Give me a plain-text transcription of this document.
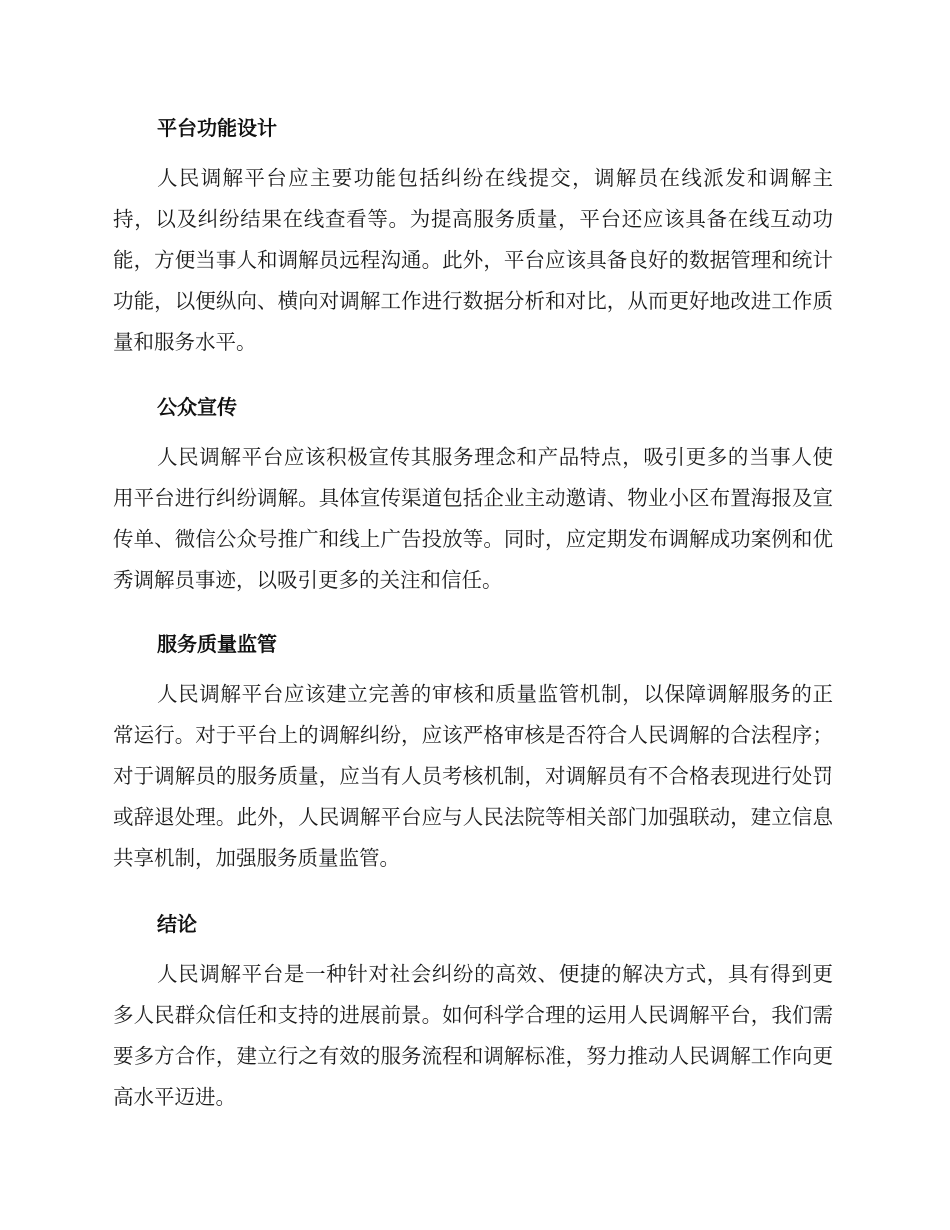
平台功能设计

人民调解平台应主要功能包括纠纷在线提交，调解员在线派发和调解主持，以及纠纷结果在线查看等。为提高服务质量，平台还应该具备在线互动功能，方便当事人和调解员远程沟通。此外，平台应该具备良好的数据管理和统计功能，以便纵向、横向对调解工作进行数据分析和对比，从而更好地改进工作质量和服务水平。

公众宣传

人民调解平台应该积极宣传其服务理念和产品特点，吸引更多的当事人使用平台进行纠纷调解。具体宣传渠道包括企业主动邀请、物业小区布置海报及宣传单、微信公众号推广和线上广告投放等。同时，应定期发布调解成功案例和优秀调解员事迹，以吸引更多的关注和信任。

服务质量监管

人民调解平台应该建立完善的审核和质量监管机制，以保障调解服务的正常运行。对于平台上的调解纠纷，应该严格审核是否符合人民调解的合法程序；对于调解员的服务质量，应当有人员考核机制，对调解员有不合格表现进行处罚或辞退处理。此外，人民调解平台应与人民法院等相关部门加强联动，建立信息共享机制，加强服务质量监管。

结论

人民调解平台是一种针对社会纠纷的高效、便捷的解决方式，具有得到更多人民群众信任和支持的进展前景。如何科学合理的运用人民调解平台，我们需要多方合作，建立行之有效的服务流程和调解标准，努力推动人民调解工作向更高水平迈进。
